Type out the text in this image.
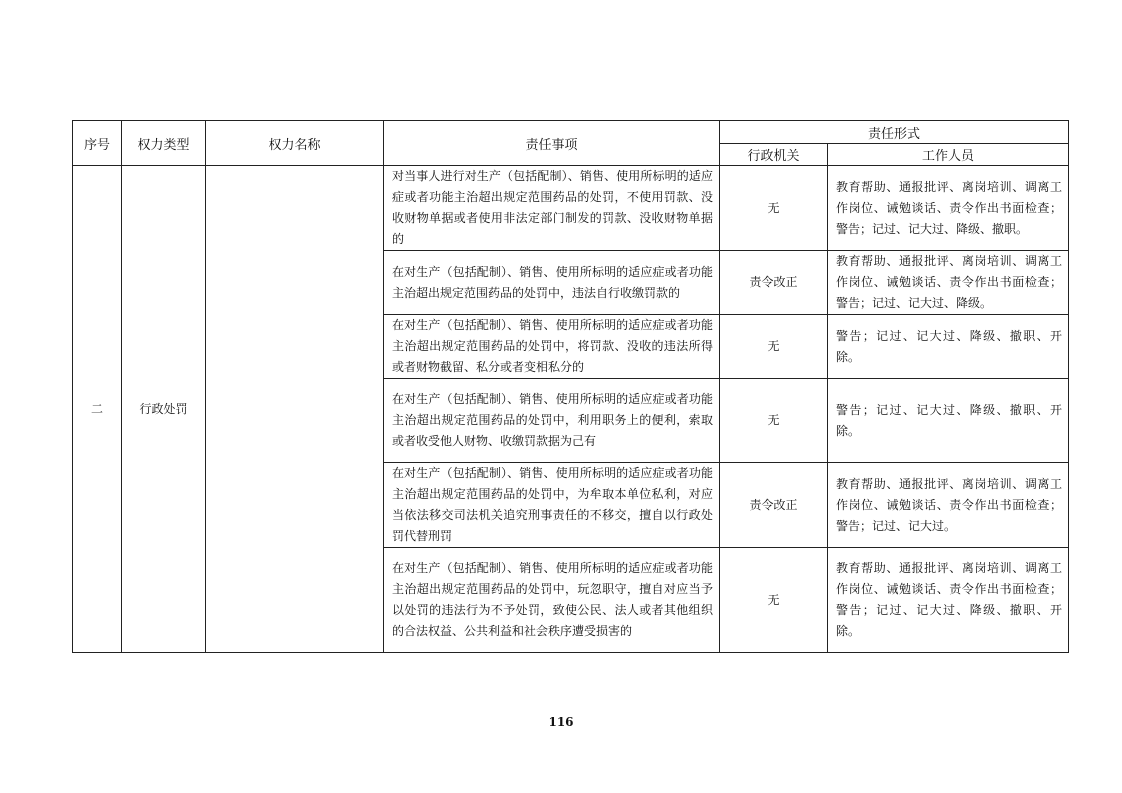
序号	权力类型	权力名称	责任事项	责任形式	
				行政机关	工作人员
二	行政处罚		对当事人进行对生产（包括配制）、销售、使用所标明的适应症或者功能主治超出规定范围药品的处罚，不使用罚款、没收财物单据或者使用非法定部门制发的罚款、没收财物单据的	无	教育帮助、通报批评、离岗培训、调离工作岗位、诫勉谈话、责令作出书面检查；警告；记过、记大过、降级、撤职。
			在对生产（包括配制）、销售、使用所标明的适应症或者功能主治超出规定范围药品的处罚中，违法自行收缴罚款的	责令改正	教育帮助、通报批评、离岗培训、调离工作岗位、诫勉谈话、责令作出书面检查；警告；记过、记大过、降级。
			在对生产（包括配制）、销售、使用所标明的适应症或者功能主治超出规定范围药品的处罚中，将罚款、没收的违法所得或者财物截留、私分或者变相私分的	无	警告；记过、记大过、降级、撤职、开除。
			在对生产（包括配制）、销售、使用所标明的适应症或者功能主治超出规定范围药品的处罚中，利用职务上的便利，索取或者收受他人财物、收缴罚款据为己有	无	警告；记过、记大过、降级、撤职、开除。
			在对生产（包括配制）、销售、使用所标明的适应症或者功能主治超出规定范围药品的处罚中，为牟取本单位私利，对应当依法移交司法机关追究刑事责任的不移交，擅自以行政处罚代替刑罚	责令改正	教育帮助、通报批评、离岗培训、调离工作岗位、诫勉谈话、责令作出书面检查；警告；记过、记大过。
			在对生产（包括配制）、销售、使用所标明的适应症或者功能主治超出规定范围药品的处罚中，玩忽职守，擅自对应当予以处罚的违法行为不予处罚，致使公民、法人或者其他组织的合法权益、公共利益和社会秩序遭受损害的	无	教育帮助、通报批评、离岗培训、调离工作岗位、诫勉谈话、责令作出书面检查；警告；记过、记大过、降级、撤职、开除。
116
